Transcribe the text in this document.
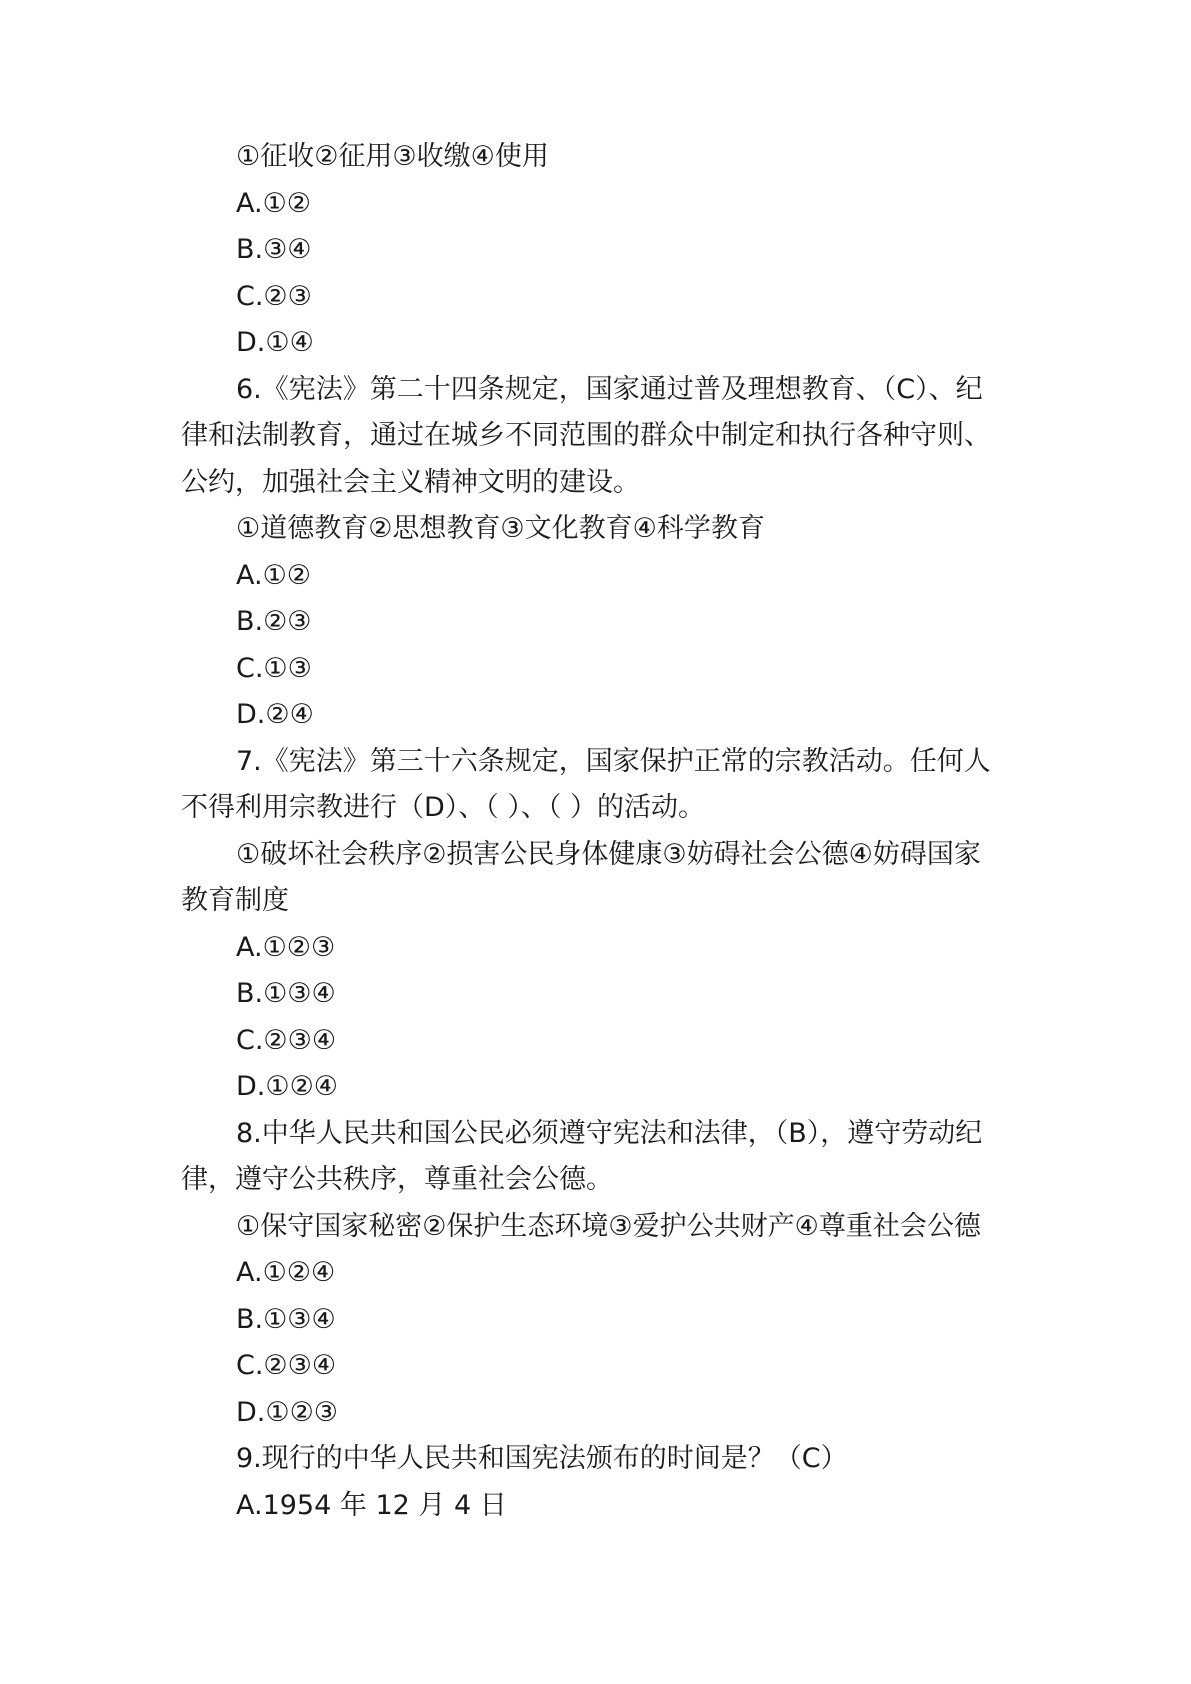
①征收②征用③收缴④使用
A.①②
B.③④
C.②③
D.①④
6.《宪法》第二十四条规定，国家通过普及理想教育、（C）、纪
律和法制教育，通过在城乡不同范围的群众中制定和执行各种守则、
公约，加强社会主义精神文明的建设。
①道德教育②思想教育③文化教育④科学教育
A.①②
B.②③
C.①③
D.②④
7.《宪法》第三十六条规定，国家保护正常的宗教活动。任何人
不得利用宗教进行（D）、（ ）、（ ）的活动。
①破坏社会秩序②损害公民身体健康③妨碍社会公德④妨碍国家
教育制度
A.①②③
B.①③④
C.②③④
D.①②④
8.中华人民共和国公民必须遵守宪法和法律，（B），遵守劳动纪
律，遵守公共秩序，尊重社会公德。
①保守国家秘密②保护生态环境③爱护公共财产④尊重社会公德
A.①②④
B.①③④
C.②③④
D.①②③
9.现行的中华人民共和国宪法颁布的时间是？（C）
A.1954 年 12 月 4 日
